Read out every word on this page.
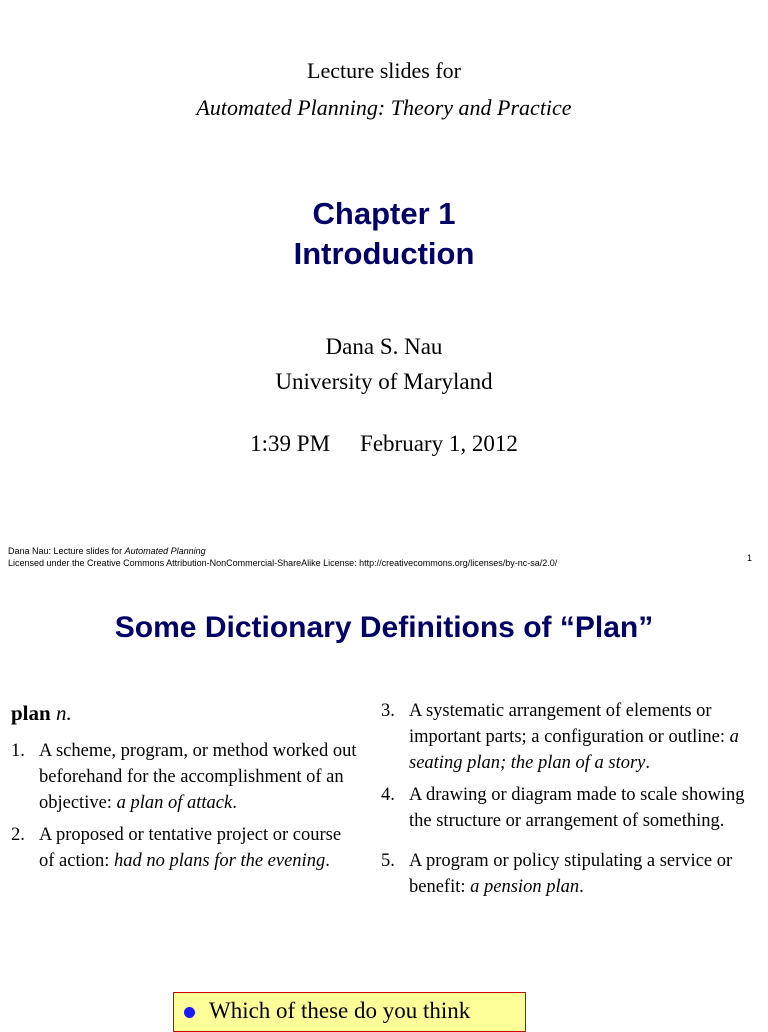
Lecture slides for
Automated Planning: Theory and Practice
Chapter 1
Introduction
Dana S. Nau
University of Maryland
1:39 PM February 1, 2012
Dana Nau: Lecture slides for Automated Planning
Licensed under the Creative Commons Attribution-NonCommercial-ShareAlike License: http://creativecommons.org/licenses/by-nc-sa/2.0/	1
Some Dictionary Definitions of “Plan”
plan n.
1. A scheme, program, or method worked out beforehand for the accomplishment of an objective: a plan of attack.
2. A proposed or tentative project or course of action: had no plans for the evening.
3. A systematic arrangement of elements or important parts; a configuration or outline: a seating plan; the plan of a story.
4. A drawing or diagram made to scale showing the structure or arrangement of something.
5. A program or policy stipulating a service or benefit: a pension plan.
Which of these do you think
